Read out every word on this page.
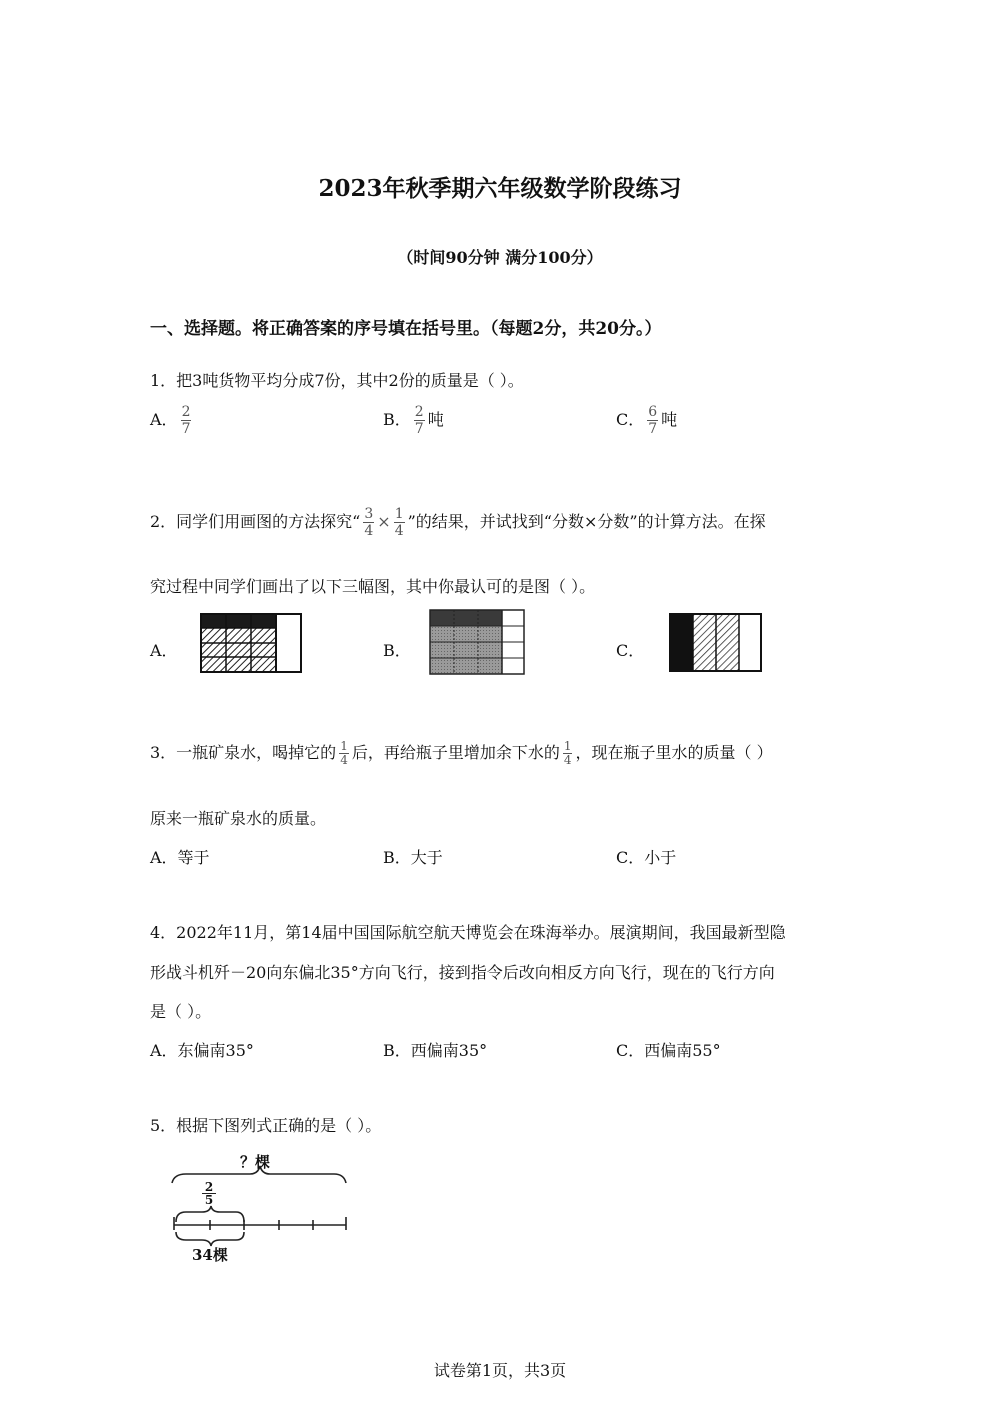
2023年秋季期六年级数学阶段练习
（时间90分钟 满分100分）
一、选择题。将正确答案的序号填在括号里。（每题2分，共20分。）
1．把3吨货物平均分成7份，其中2份的质量是（ ）。
A． $\frac{2}{7}$	B． $\frac{2}{7}$ 吨	C． $\frac{6}{7}$ 吨
2．同学们用画图的方法探究“ $\frac{3}{4} \times \frac{1}{4}$ ”的结果，并试找到“分数×分数”的计算方法。在探
究过程中同学们画出了以下三幅图，其中你最认可的是图（ ）。
A．	B．	C．
3．一瓶矿泉水，喝掉它的 $\frac{1}{4}$ 后，再给瓶子里增加余下水的 $\frac{1}{4}$ ，现在瓶子里水的质量（ ）
原来一瓶矿泉水的质量。
A．等于	B．大于	C．小于
4．2022年11月，第14届中国国际航空航天博览会在珠海举办。展演期间，我国最新型隐
形战斗机歼－20向东偏北35°方向飞行，接到指令后改向相反方向飞行，现在的飞行方向
是（ ）。
A．东偏南35°	B．西偏南35°	C．西偏南55°
5．根据下图列式正确的是（ ）。
？棵
2
5
34棵
试卷第1页，共3页
